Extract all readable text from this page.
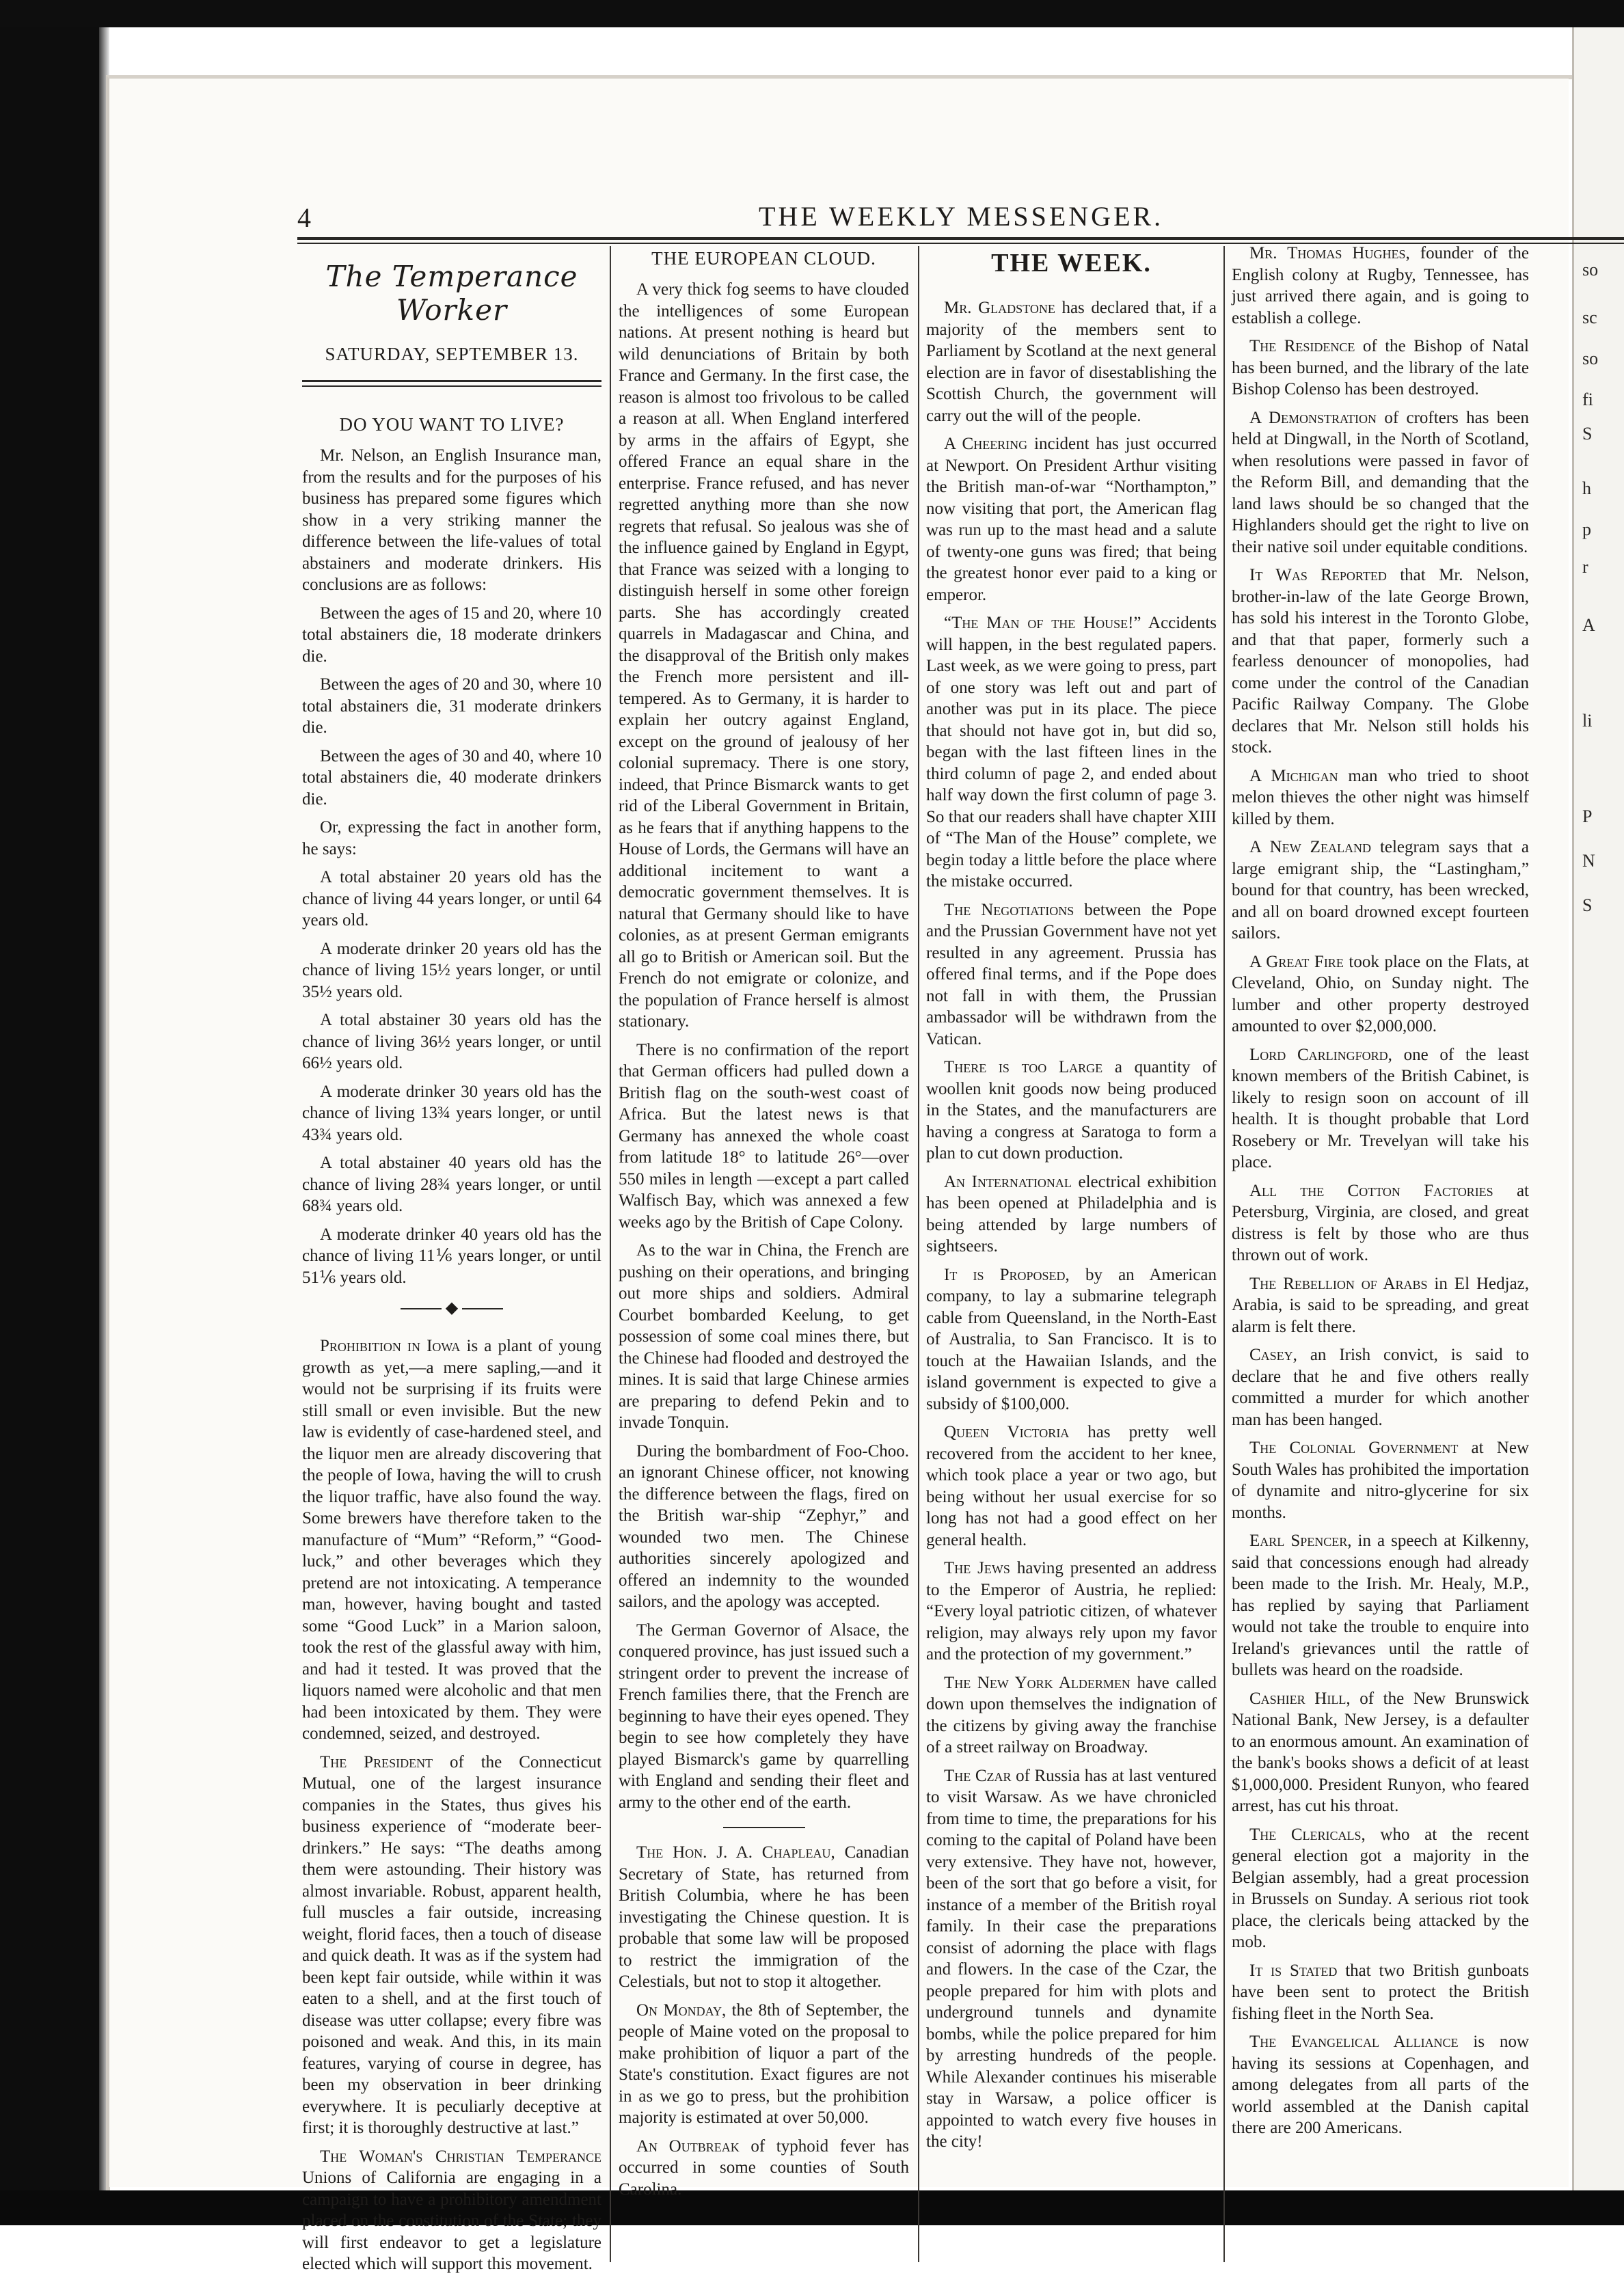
so
sc
so
fi
S
h
p
r
A
li
P
N
S
4	THE WEEKLY MESSENGER.
The Temperance Worker
SATURDAY, SEPTEMBER 13.
DO YOU WANT TO LIVE?

Mr. Nelson, an English Insurance man, from the results and for the purposes of his business has prepared some figures which show in a very striking manner the difference between the life-values of total abstainers and moderate drinkers. His conclusions are as follows:

Between the ages of 15 and 20, where 10 total abstainers die, 18 moderate drinkers die.

Between the ages of 20 and 30, where 10 total abstainers die, 31 moderate drinkers die.

Between the ages of 30 and 40, where 10 total abstainers die, 40 moderate drinkers die.

Or, expressing the fact in another form, he says:

A total abstainer 20 years old has the chance of living 44 years longer, or until 64 years old.

A moderate drinker 20 years old has the chance of living 15½ years longer, or until 35½ years old.

A total abstainer 30 years old has the chance of living 36½ years longer, or until 66½ years old.

A moderate drinker 30 years old has the chance of living 13¾ years longer, or until 43¾ years old.

A total abstainer 40 years old has the chance of living 28¾ years longer, or until 68¾ years old.

A moderate drinker 40 years old has the chance of living 11⅙ years longer, or until 51⅙ years old.

◆

Prohibition in Iowa is a plant of young growth as yet,—a mere sapling,—and it would not be surprising if its fruits were still small or even invisible. But the new law is evidently of case-hardened steel, and the liquor men are already discovering that the people of Iowa, having the will to crush the liquor traffic, have also found the way. Some brewers have therefore taken to the manufacture of “Mum” “Reform,” “Good-luck,” and other beverages which they pretend are not intoxicating. A temperance man, however, having bought and tasted some “Good Luck” in a Marion saloon, took the rest of the glassful away with him, and had it tested. It was proved that the liquors named were alcoholic and that men had been intoxicated by them. They were condemned, seized, and destroyed.

The President of the Connecticut Mutual, one of the largest insurance companies in the States, thus gives his business experience of “moderate beer-drinkers.” He says: “The deaths among them were astounding. Their history was almost invariable. Robust, apparent health, full muscles a fair outside, increasing weight, florid faces, then a touch of disease and quick death. It was as if the system had been kept fair outside, while within it was eaten to a shell, and at the first touch of disease was utter collapse; every fibre was poisoned and weak. And this, in its main features, varying of course in degree, has been my observation in beer drinking everywhere. It is peculiarly deceptive at first; it is thoroughly destructive at last.”

The Woman's Christian Temperance Unions of California are engaging in a campaign to have a prohibitory amendment placed on the constitution of the State; they will first endeavor to get a legislature elected which will support this movement.

THE EUROPEAN CLOUD.

A very thick fog seems to have clouded the intelligences of some European nations. At present nothing is heard but wild denunciations of Britain by both France and Germany. In the first case, the reason is almost too frivolous to be called a reason at all. When England interfered by arms in the affairs of Egypt, she offered France an equal share in the enterprise. France refused, and has never regretted anything more than she now regrets that refusal. So jealous was she of the influence gained by England in Egypt, that France was seized with a longing to distinguish herself in some other foreign parts. She has accordingly created quarrels in Madagascar and China, and the disapproval of the British only makes the French more persistent and ill-tempered. As to Germany, it is harder to explain her outcry against England, except on the ground of jealousy of her colonial supremacy. There is one story, indeed, that Prince Bismarck wants to get rid of the Liberal Government in Britain, as he fears that if anything happens to the House of Lords, the Germans will have an additional incitement to want a democratic government themselves. It is natural that Germany should like to have colonies, as at present German emigrants all go to British or American soil. But the French do not emigrate or colonize, and the population of France herself is almost stationary.

There is no confirmation of the report that German officers had pulled down a British flag on the south-west coast of Africa. But the latest news is that Germany has annexed the whole coast from latitude 18° to latitude 26°—over 550 miles in length —except a part called Walfisch Bay, which was annexed a few weeks ago by the British of Cape Colony.

As to the war in China, the French are pushing on their operations, and bringing out more ships and soldiers. Admiral Courbet bombarded Keelung, to get possession of some coal mines there, but the Chinese had flooded and destroyed the mines. It is said that large Chinese armies are preparing to defend Pekin and to invade Tonquin.

During the bombardment of Foo-Choo. an ignorant Chinese officer, not knowing the difference between the flags, fired on the British war-ship “Zephyr,” and wounded two men. The Chinese authorities sincerely apologized and offered an indemnity to the wounded sailors, and the apology was accepted.

The German Governor of Alsace, the conquered province, has just issued such a stringent order to prevent the increase of French families there, that the French are beginning to have their eyes opened. They begin to see how completely they have played Bismarck's game by quarrelling with England and sending their fleet and army to the other end of the earth.

The Hon. J. A. Chapleau, Canadian Secretary of State, has returned from British Columbia, where he has been investigating the Chinese question. It is probable that some law will be proposed to restrict the immigration of the Celestials, but not to stop it altogether.

On Monday, the 8th of September, the people of Maine voted on the proposal to make prohibition of liquor a part of the State's constitution. Exact figures are not in as we go to press, but the prohibition majority is estimated at over 50,000.

An Outbreak of typhoid fever has occurred in some counties of South Carolina.

THE WEEK.

Mr. Gladstone has declared that, if a majority of the members sent to Parliament by Scotland at the next general election are in favor of disestablishing the Scottish Church, the government will carry out the will of the people.

A Cheering incident has just occurred at Newport. On President Arthur visiting the British man-of-war “Northampton,” now visiting that port, the American flag was run up to the mast head and a salute of twenty-one guns was fired; that being the greatest honor ever paid to a king or emperor.

“The Man of the House!” Accidents will happen, in the best regulated papers. Last week, as we were going to press, part of one story was left out and part of another was put in its place. The piece that should not have got in, but did so, began with the last fifteen lines in the third column of page 2, and ended about half way down the first column of page 3. So that our readers shall have chapter XIII of “The Man of the House” complete, we begin today a little before the place where the mistake occurred.

The Negotiations between the Pope and the Prussian Government have not yet resulted in any agreement. Prussia has offered final terms, and if the Pope does not fall in with them, the Prussian ambassador will be withdrawn from the Vatican.

There is too Large a quantity of woollen knit goods now being produced in the States, and the manufacturers are having a congress at Saratoga to form a plan to cut down production.

An International electrical exhibition has been opened at Philadelphia and is being attended by large numbers of sightseers.

It is Proposed, by an American company, to lay a submarine telegraph cable from Queensland, in the North-East of Australia, to San Francisco. It is to touch at the Hawaiian Islands, and the island government is expected to give a subsidy of $100,000.

Queen Victoria has pretty well recovered from the accident to her knee, which took place a year or two ago, but being without her usual exercise for so long has not had a good effect on her general health.

The Jews having presented an address to the Emperor of Austria, he replied: “Every loyal patriotic citizen, of whatever religion, may always rely upon my favor and the protection of my government.”

The New York Aldermen have called down upon themselves the indignation of the citizens by giving away the franchise of a street railway on Broadway.

The Czar of Russia has at last ventured to visit Warsaw. As we have chronicled from time to time, the preparations for his coming to the capital of Poland have been very extensive. They have not, however, been of the sort that go before a visit, for instance of a member of the British royal family. In their case the preparations consist of adorning the place with flags and flowers. In the case of the Czar, the people prepared for him with plots and underground tunnels and dynamite bombs, while the police prepared for him by arresting hundreds of the people. While Alexander continues his miserable stay in Warsaw, a police officer is appointed to watch every five houses in the city!

Mr. Thomas Hughes, founder of the English colony at Rugby, Tennessee, has just arrived there again, and is going to establish a college.

The Residence of the Bishop of Natal has been burned, and the library of the late Bishop Colenso has been destroyed.

A Demonstration of crofters has been held at Dingwall, in the North of Scotland, when resolutions were passed in favor of the Reform Bill, and demanding that the land laws should be so changed that the Highlanders should get the right to live on their native soil under equitable conditions.

It Was Reported that Mr. Nelson, brother-in-law of the late George Brown, has sold his interest in the Toronto Globe, and that that paper, formerly such a fearless denouncer of monopolies, had come under the control of the Canadian Pacific Railway Company. The Globe declares that Mr. Nelson still holds his stock.

A Michigan man who tried to shoot melon thieves the other night was himself killed by them.

A New Zealand telegram says that a large emigrant ship, the “Lastingham,” bound for that country, has been wrecked, and all on board drowned except fourteen sailors.

A Great Fire took place on the Flats, at Cleveland, Ohio, on Sunday night. The lumber and other property destroyed amounted to over $2,000,000.

Lord Carlingford, one of the least known members of the British Cabinet, is likely to resign soon on account of ill health. It is thought probable that Lord Rosebery or Mr. Trevelyan will take his place.

All the Cotton Factories at Petersburg, Virginia, are closed, and great distress is felt by those who are thus thrown out of work.

The Rebellion of Arabs in El Hedjaz, Arabia, is said to be spreading, and great alarm is felt there.

Casey, an Irish convict, is said to declare that he and five others really committed a murder for which another man has been hanged.

The Colonial Government at New South Wales has prohibited the importation of dynamite and nitro-glycerine for six months.

Earl Spencer, in a speech at Kilkenny, said that concessions enough had already been made to the Irish. Mr. Healy, M.P., has replied by saying that Parliament would not take the trouble to enquire into Ireland's grievances until the rattle of bullets was heard on the roadside.

Cashier Hill, of the New Brunswick National Bank, New Jersey, is a defaulter to an enormous amount. An examination of the bank's books shows a deficit of at least $1,000,000. President Runyon, who feared arrest, has cut his throat.

The Clericals, who at the recent general election got a majority in the Belgian assembly, had a great procession in Brussels on Sunday. A serious riot took place, the clericals being attacked by the mob.

It is Stated that two British gunboats have been sent to protect the British fishing fleet in the North Sea.

The Evangelical Alliance is now having its sessions at Copenhagen, and among delegates from all parts of the world assembled at the Danish capital there are 200 Americans.
